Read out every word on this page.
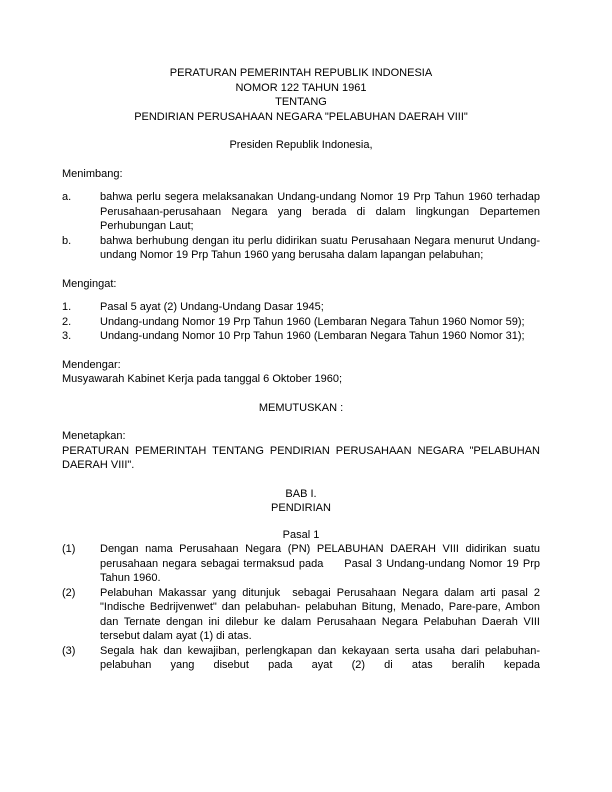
PERATURAN PEMERINTAH REPUBLIK INDONESIA
NOMOR 122 TAHUN 1961
TENTANG
PENDIRIAN PERUSAHAAN NEGARA "PELABUHAN DAERAH VIII"
Presiden Republik Indonesia,
Menimbang:
a.	bahwa perlu segera melaksanakan Undang-undang Nomor 19 Prp Tahun 1960 terhadap Perusahaan-perusahaan Negara yang berada di dalam lingkungan Departemen Perhubungan Laut;
b.	bahwa berhubung dengan itu perlu didirikan suatu Perusahaan Negara menurut Undang-undang Nomor 19 Prp Tahun 1960 yang berusaha dalam lapangan pelabuhan;
Mengingat:
1.	Pasal 5 ayat (2) Undang-Undang Dasar 1945;
2.	Undang-undang Nomor 19 Prp Tahun 1960 (Lembaran Negara Tahun 1960 Nomor 59);
3.	Undang-undang Nomor 10 Prp Tahun 1960 (Lembaran Negara Tahun 1960 Nomor 31);
Mendengar:
Musyawarah Kabinet Kerja pada tanggal 6 Oktober 1960;
MEMUTUSKAN :
Menetapkan:
PERATURAN PEMERINTAH TENTANG PENDIRIAN PERUSAHAAN NEGARA "PELABUHAN DAERAH VIII".
BAB I.
PENDIRIAN
Pasal 1
(1)	Dengan nama Perusahaan Negara (PN) PELABUHAN DAERAH VIII didirikan suatu perusahaan negara sebagai termaksud pada     Pasal 3 Undang-undang Nomor 19 Prp Tahun 1960.
(2)	Pelabuhan Makassar yang ditunjuk  sebagai Perusahaan Negara dalam arti pasal 2 "Indische Bedrijvenwet" dan pelabuhan- pelabuhan Bitung, Menado, Pare-pare, Ambon dan Ternate dengan ini dilebur ke dalam Perusahaan Negara Pelabuhan Daerah VIII tersebut dalam ayat (1) di atas.
(3)	Segala hak dan kewajiban, perlengkapan dan kekayaan serta usaha dari pelabuhan-pelabuhan yang disebut pada ayat (2) di atas beralih kepada
